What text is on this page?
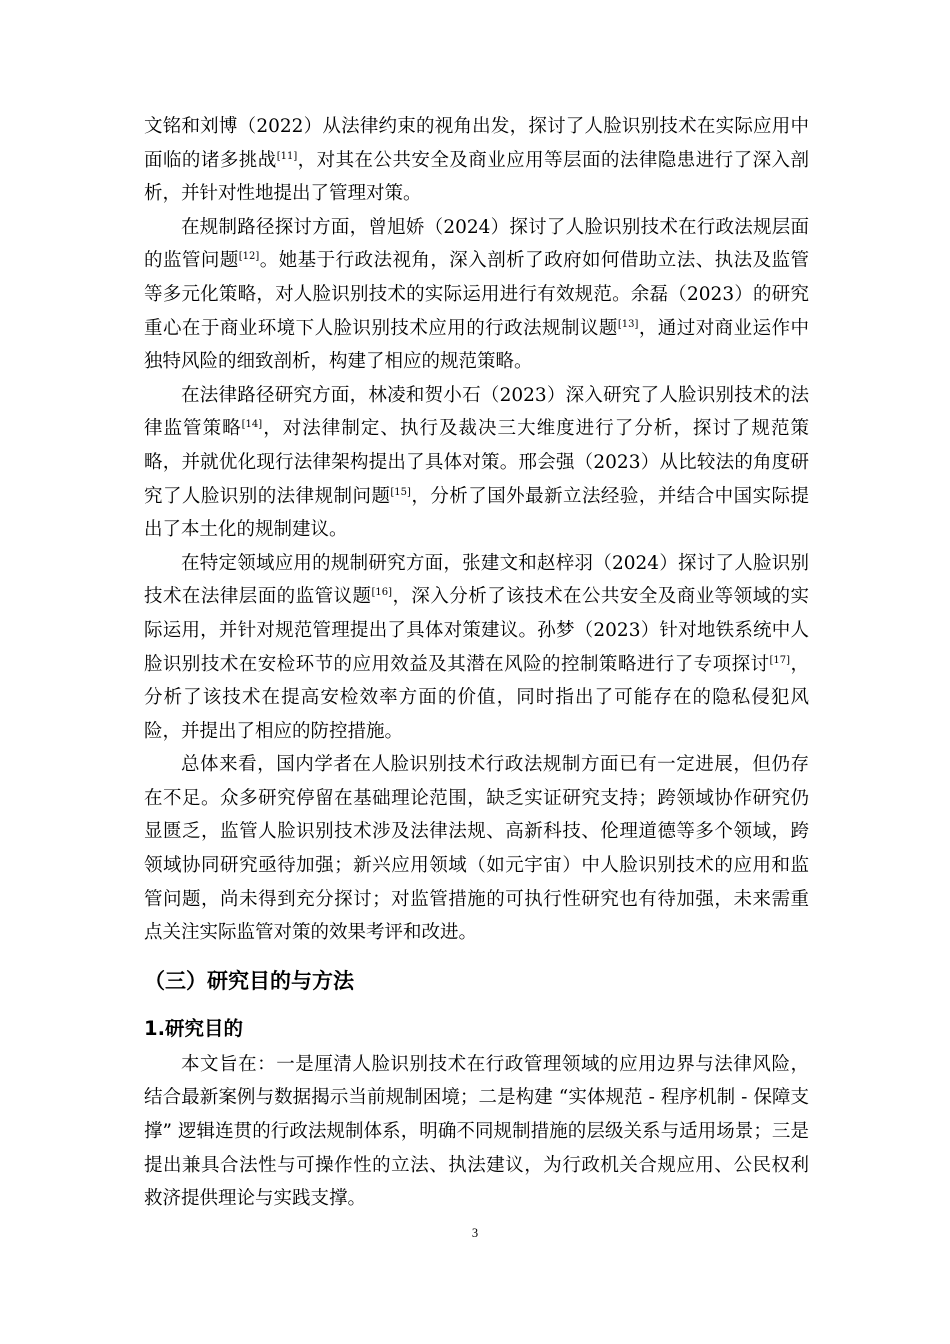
文铭和刘博（2022）从法律约束的视角出发，探讨了人脸识别技术在实际应用中面临的诸多挑战[11]，对其在公共安全及商业应用等层面的法律隐患进行了深入剖析，并针对性地提出了管理对策。

在规制路径探讨方面，曾旭娇（2024）探讨了人脸识别技术在行政法规层面的监管问题[12]。她基于行政法视角，深入剖析了政府如何借助立法、执法及监管等多元化策略，对人脸识别技术的实际运用进行有效规范。余磊（2023）的研究重心在于商业环境下人脸识别技术应用的行政法规制议题[13]，通过对商业运作中独特风险的细致剖析，构建了相应的规范策略。

在法律路径研究方面，林凌和贺小石（2023）深入研究了人脸识别技术的法律监管策略[14]，对法律制定、执行及裁决三大维度进行了分析，探讨了规范策略，并就优化现行法律架构提出了具体对策。邢会强（2023）从比较法的角度研究了人脸识别的法律规制问题[15]，分析了国外最新立法经验，并结合中国实际提出了本土化的规制建议。

在特定领域应用的规制研究方面，张建文和赵梓羽（2024）探讨了人脸识别技术在法律层面的监管议题[16]，深入分析了该技术在公共安全及商业等领域的实际运用，并针对规范管理提出了具体对策建议。孙梦（2023）针对地铁系统中人脸识别技术在安检环节的应用效益及其潜在风险的控制策略进行了专项探讨[17]，分析了该技术在提高安检效率方面的价值，同时指出了可能存在的隐私侵犯风险，并提出了相应的防控措施。

总体来看，国内学者在人脸识别技术行政法规制方面已有一定进展，但仍存在不足。众多研究停留在基础理论范围，缺乏实证研究支持；跨领域协作研究仍显匮乏，监管人脸识别技术涉及法律法规、高新科技、伦理道德等多个领域，跨领域协同研究亟待加强；新兴应用领域（如元宇宙）中人脸识别技术的应用和监管问题，尚未得到充分探讨；对监管措施的可执行性研究也有待加强，未来需重点关注实际监管对策的效果考评和改进。

（三）研究目的与方法
1.研究目的

本文旨在：一是厘清人脸识别技术在行政管理领域的应用边界与法律风险，结合最新案例与数据揭示当前规制困境；二是构建 “实体规范 - 程序机制 - 保障支撑” 逻辑连贯的行政法规制体系，明确不同规制措施的层级关系与适用场景；三是提出兼具合法性与可操作性的立法、执法建议，为行政机关合规应用、公民权利救济提供理论与实践支撑。

3
